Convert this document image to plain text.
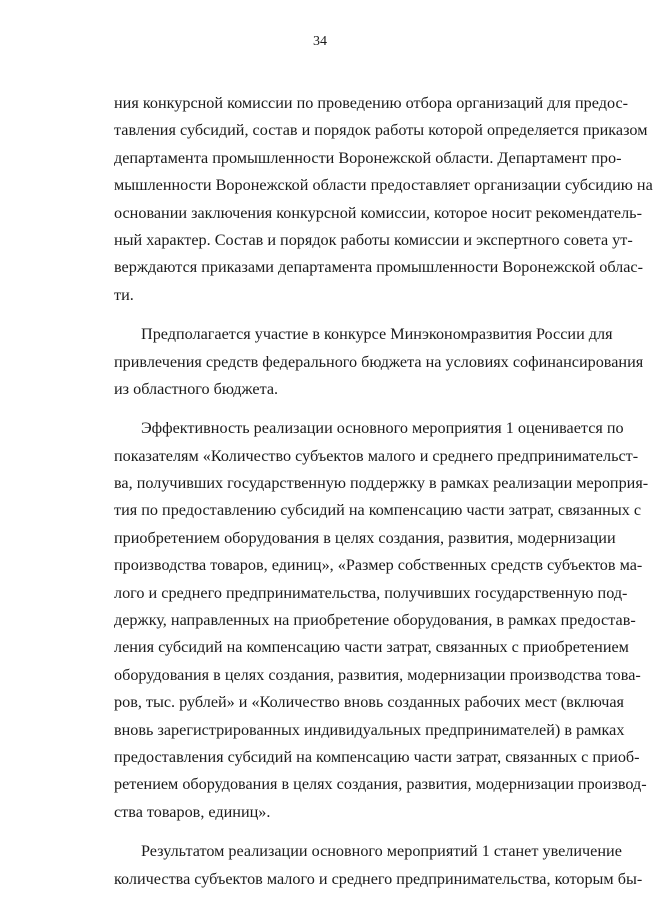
34

ния конкурсной комиссии по проведению отбора организаций для предос-
тавления субсидий, состав и порядок работы которой определяется приказом
департамента промышленности Воронежской области. Департамент про-
мышленности Воронежской области предоставляет организации субсидию на
основании заключения конкурсной комиссии, которое носит рекомендатель-
ный характер. Состав и порядок работы комиссии и экспертного совета ут-
верждаются приказами департамента промышленности Воронежской облас-
ти.
Предполагается участие в конкурсе Минэкономразвития России для
привлечения средств федерального бюджета на условиях софинансирования
из областного бюджета.
Эффективность реализации основного мероприятия 1 оценивается по
показателям «Количество субъектов малого и среднего предпринимательст-
ва, получивших государственную поддержку в рамках реализации мероприя-
тия по предоставлению субсидий на компенсацию части затрат, связанных с
приобретением оборудования в целях создания, развития, модернизации
производства товаров, единиц», «Размер собственных средств субъектов ма-
лого и среднего предпринимательства, получивших государственную под-
держку, направленных на приобретение оборудования, в рамках предостав-
ления субсидий на компенсацию части затрат, связанных с приобретением
оборудования в целях создания, развития, модернизации производства това-
ров, тыс. рублей» и «Количество вновь созданных рабочих мест (включая
вновь зарегистрированных индивидуальных предпринимателей) в рамках
предоставления субсидий на компенсацию части затрат, связанных с приоб-
ретением оборудования в целях создания, развития, модернизации производ-
ства товаров, единиц».
Результатом реализации основного мероприятий 1 станет увеличение
количества субъектов малого и среднего предпринимательства, которым бы-
